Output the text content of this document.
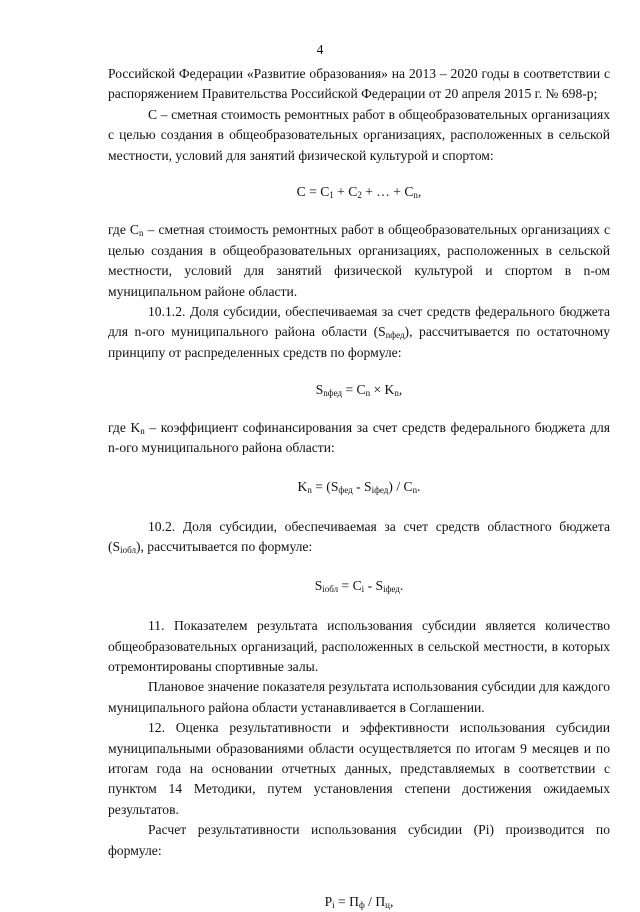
4

Российской Федерации «Развитие образования» на 2013 – 2020 годы в соответствии с распоряжением Правительства Российской Федерации от 20 апреля 2015 г. № 698-р;

C – сметная стоимость ремонтных работ в общеобразовательных организациях с целью создания в общеобразовательных организациях, расположенных в сельской местности, условий для занятий физической культурой и спортом:

$C = C_1 + C_2$ + … + $C_n$,

где $C_n$ – сметная стоимость ремонтных работ в общеобразовательных организациях с целью создания в общеобразовательных организациях, расположенных в сельской местности, условий для занятий физической культурой и спортом в n-ом муниципальном районе области.

10.1.2. Доля субсидии, обеспечиваемая за счет средств федерального бюджета для n-ого муниципального района области $(S_{nфед})$, рассчитывается по остаточному принципу от распределенных средств по формуле:

$S_{nфед} = C_n \times K_n$,

где $K_n$ – коэффициент софинансирования за счет средств федерального бюджета для n-ого муниципального района области:

$K_n = (S_{фед} - S_{iфед}) / C_n$.

10.2. Доля субсидии, обеспечиваемая за счет средств областного бюджета $(S_{iобл})$, рассчитывается по формуле:

$S_{iобл} = C_i - S_{iфед}$.

11. Показателем результата использования субсидии является количество общеобразовательных организаций, расположенных в сельской местности, в которых отремонтированы спортивные залы.

Плановое значение показателя результата использования субсидии для каждого муниципального района области устанавливается в Соглашении.

12. Оценка результативности и эффективности использования субсидии муниципальными образованиями области осуществляется по итогам 9 месяцев и по итогам года на основании отчетных данных, представляемых в соответствии с пунктом 14 Методики, путем установления степени достижения ожидаемых результатов.

Расчет результативности использования субсидии (Pi) производится по формуле:

$P_i = П_ф / П_ц$,
